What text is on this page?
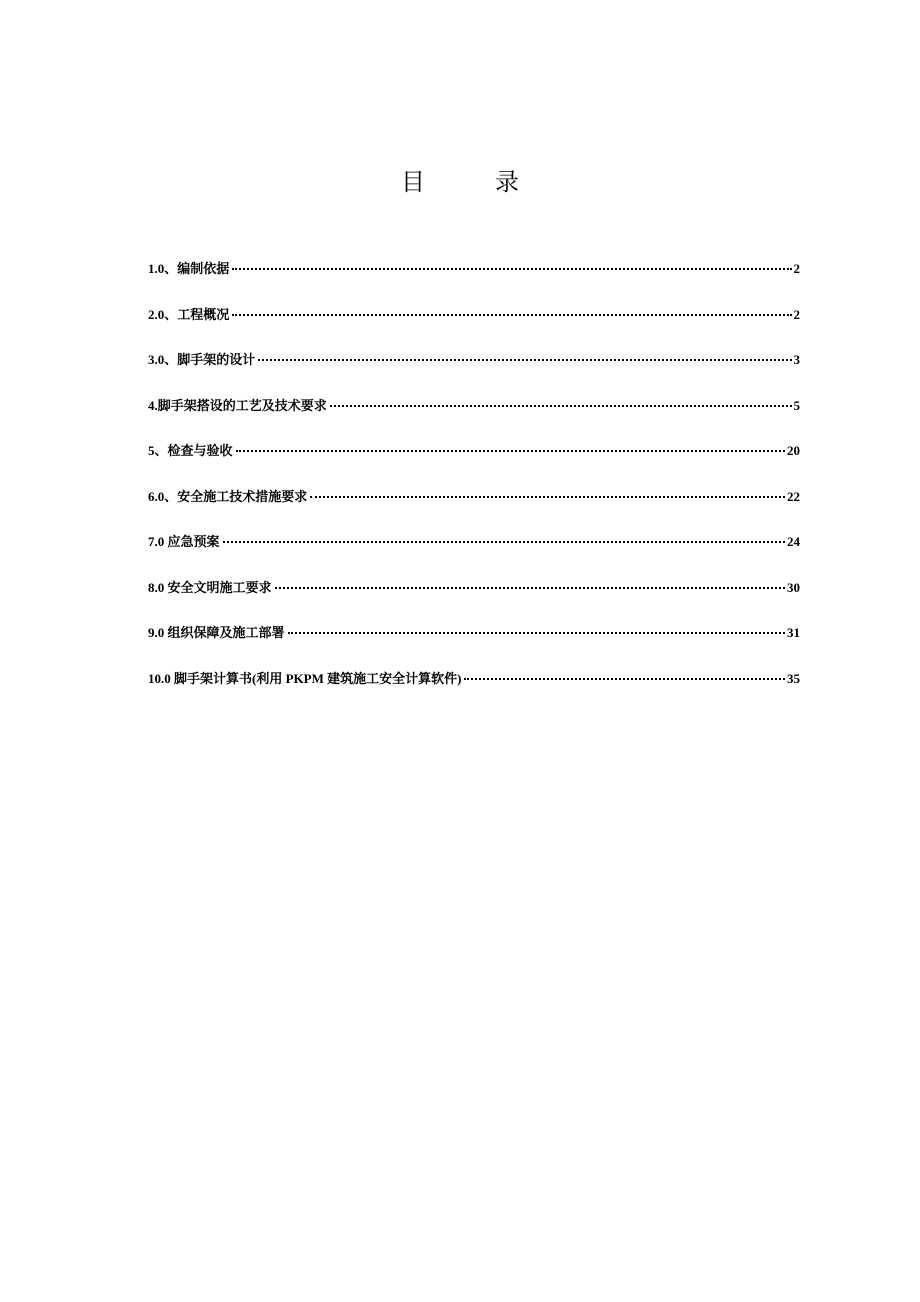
目	录
1.0、编制依据	2
2.0、工程概况	2
3.0、脚手架的设计	3
4.脚手架搭设的工艺及技术要求	5
5、检查与验收	20
6.0、安全施工技术措施要求	22
7.0 应急预案	24
8.0 安全文明施工要求	30
9.0 组织保障及施工部署	31
10.0 脚手架计算书(利用 PKPM 建筑施工安全计算软件)	35
